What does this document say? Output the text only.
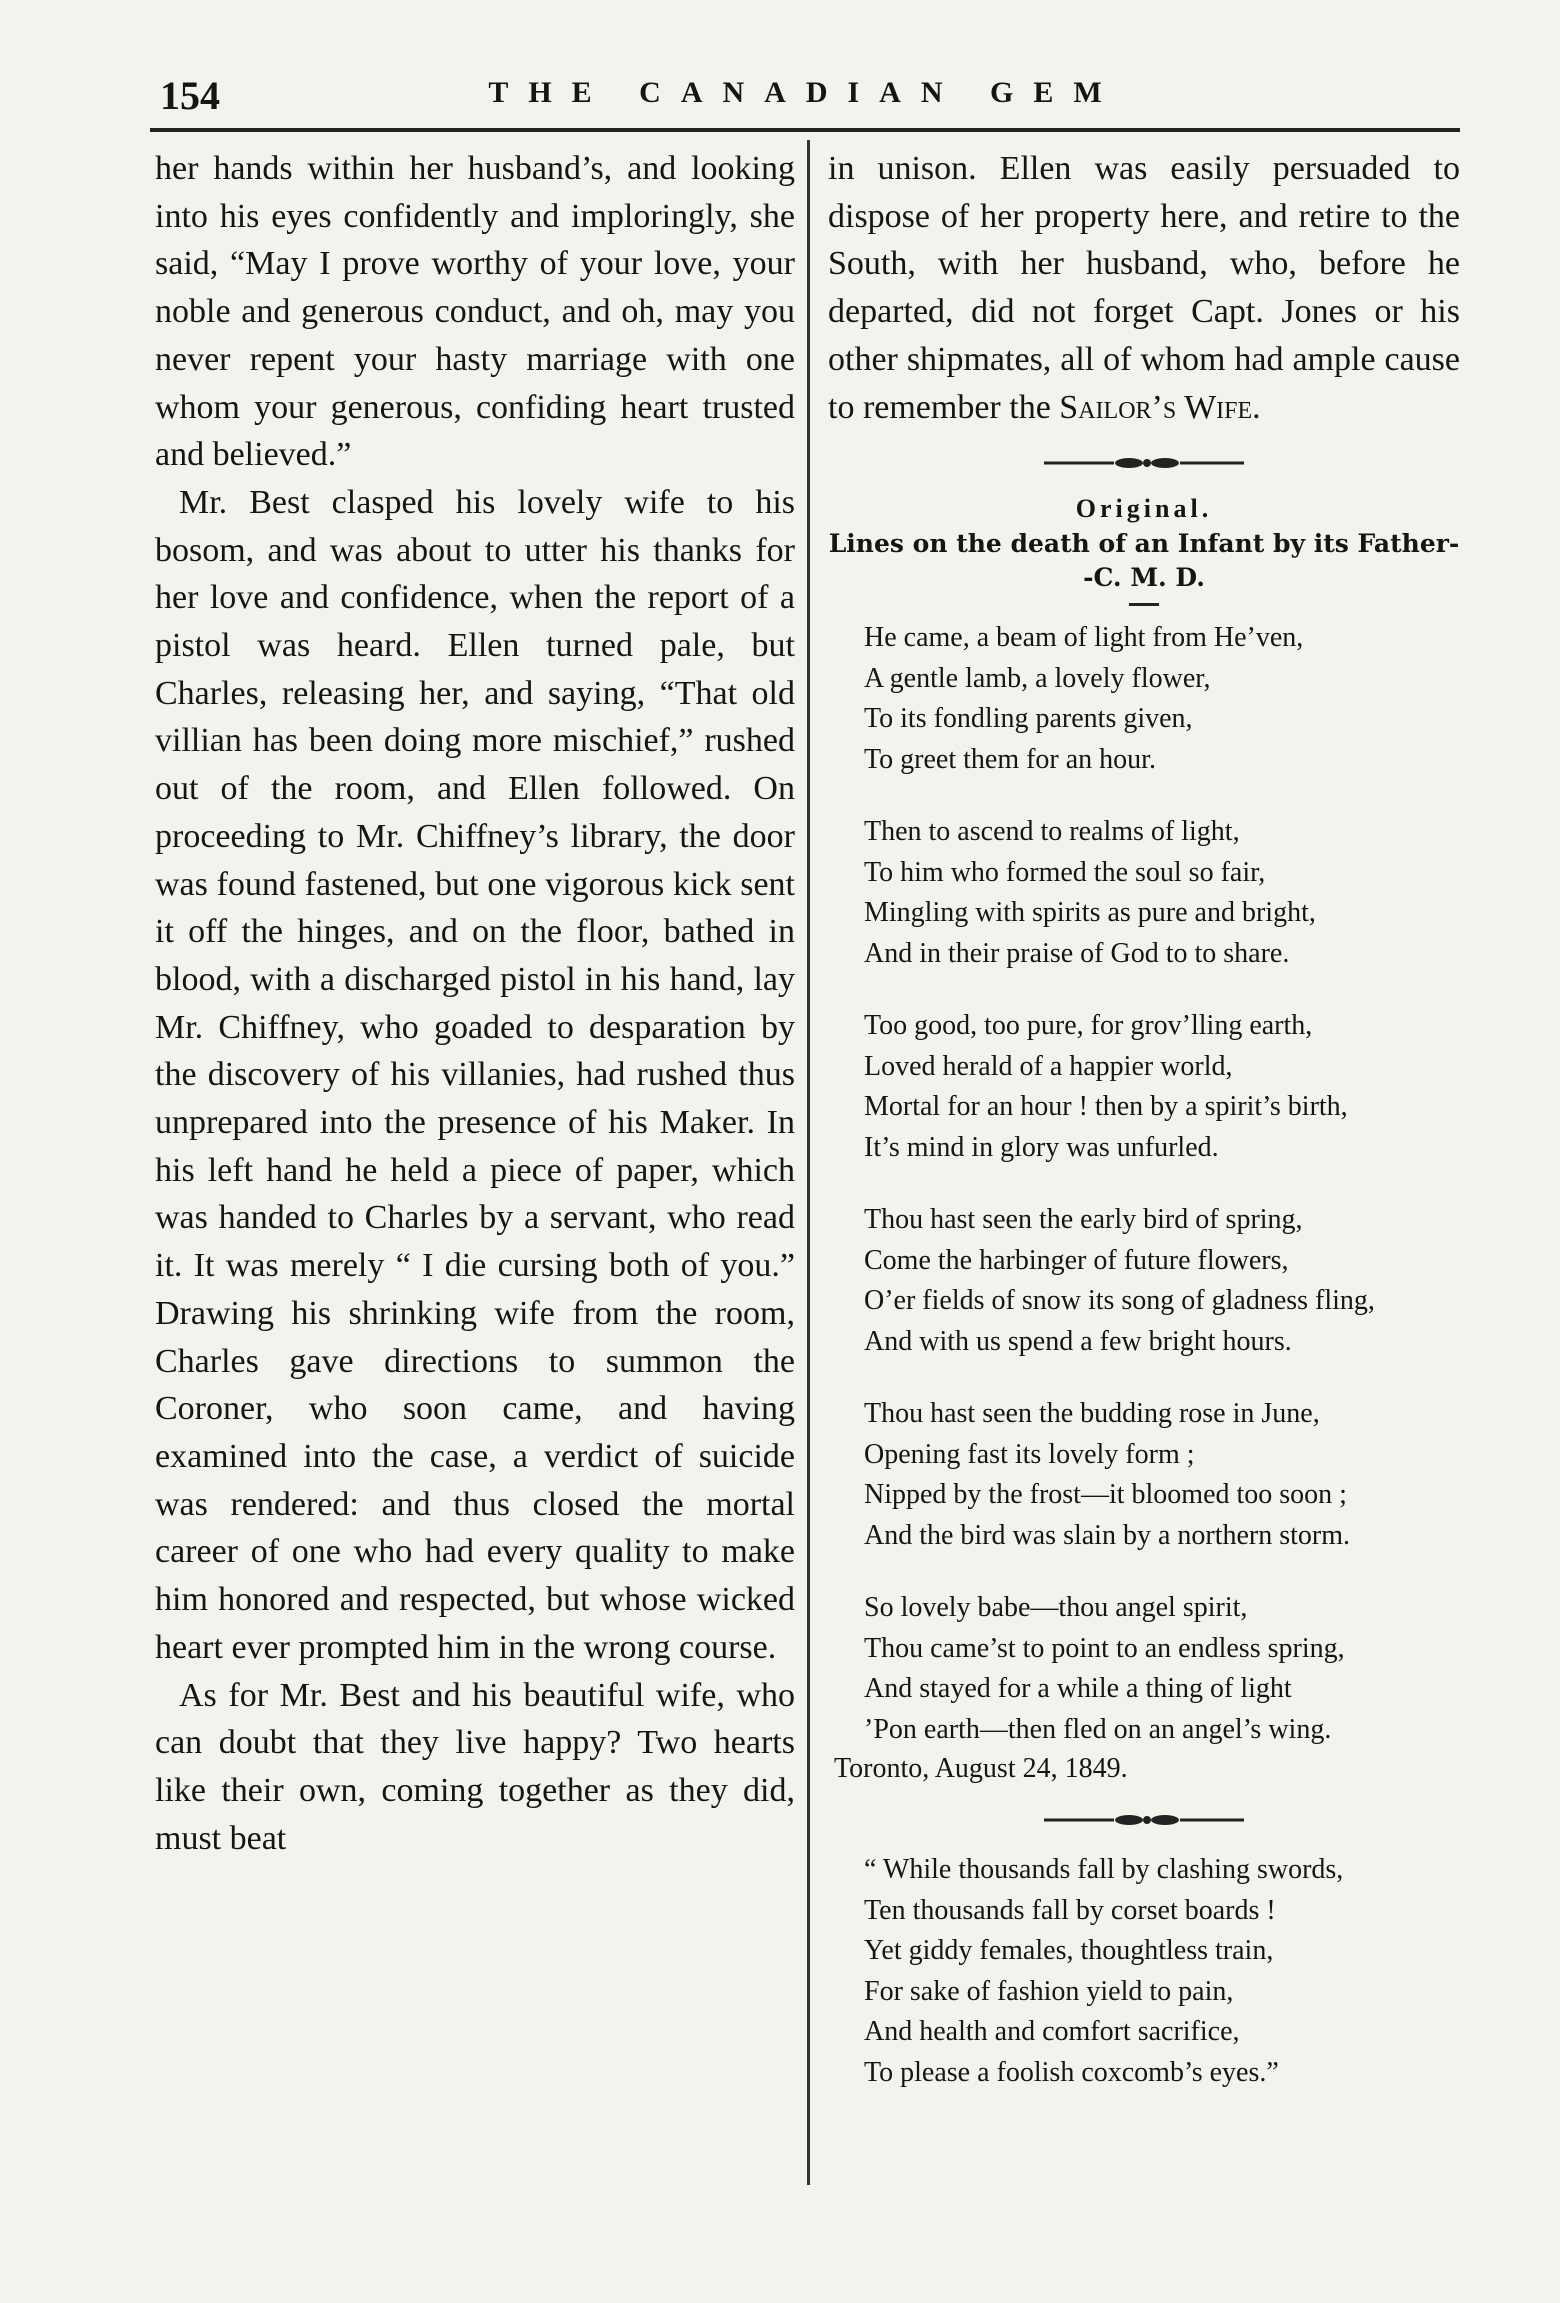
154	THE CANADIAN GEM

her hands within her husband’s, and looking into his eyes confidently and imploringly, she said, “May I prove worthy of your love, your noble and generous conduct, and oh, may you never repent your hasty marriage with one whom your generous, confiding heart trusted and believed.”

Mr. Best clasped his lovely wife to his bosom, and was about to utter his thanks for her love and confidence, when the report of a pistol was heard. Ellen turned pale, but Charles, releasing her, and saying, “That old villian has been doing more mischief,” rushed out of the room, and Ellen followed. On proceeding to Mr. Chiffney’s library, the door was found fastened, but one vigorous kick sent it off the hinges, and on the floor, bathed in blood, with a discharged pistol in his hand, lay Mr. Chiffney, who goaded to desparation by the discovery of his villanies, had rushed thus unprepared into the presence of his Maker. In his left hand he held a piece of paper, which was handed to Charles by a servant, who read it. It was merely “ I die cursing both of you.” Drawing his shrinking wife from the room, Charles gave directions to summon the Coroner, who soon came, and having examined into the case, a verdict of suicide was rendered: and thus closed the mortal career of one who had every quality to make him honored and respected, but whose wicked heart ever prompted him in the wrong course.

As for Mr. Best and his beautiful wife, who can doubt that they live happy? Two hearts like their own, coming together as they did, must beat

in unison. Ellen was easily persuaded to dispose of her property here, and retire to the South, with her husband, who, before he departed, did not forget Capt. Jones or his other shipmates, all of whom had ample cause to remember the Sailor’s Wife.

Original.
Lines on the death of an Infant by its Father--C. M. D.
He came, a beam of light from He’ven,
A gentle lamb, a lovely flower,
To its fondling parents given,
To greet them for an hour.
Then to ascend to realms of light,
To him who formed the soul so fair,
Mingling with spirits as pure and bright,
And in their praise of God to to share.
Too good, too pure, for grov’lling earth,
Loved herald of a happier world,
Mortal for an hour ! then by a spirit’s birth,
It’s mind in glory was unfurled.
Thou hast seen the early bird of spring,
Come the harbinger of future flowers,
O’er fields of snow its song of gladness fling,
And with us spend a few bright hours.
Thou hast seen the budding rose in June,
Opening fast its lovely form ;
Nipped by the frost—it bloomed too soon ;
And the bird was slain by a northern storm.
So lovely babe—thou angel spirit,
Thou came’st to point to an endless spring,
And stayed for a while a thing of light
’Pon earth—then fled on an angel’s wing.
Toronto, August 24, 1849.
“ While thousands fall by clashing swords,
Ten thousands fall by corset boards !
Yet giddy females, thoughtless train,
For sake of fashion yield to pain,
And health and comfort sacrifice,
To please a foolish coxcomb’s eyes.”
